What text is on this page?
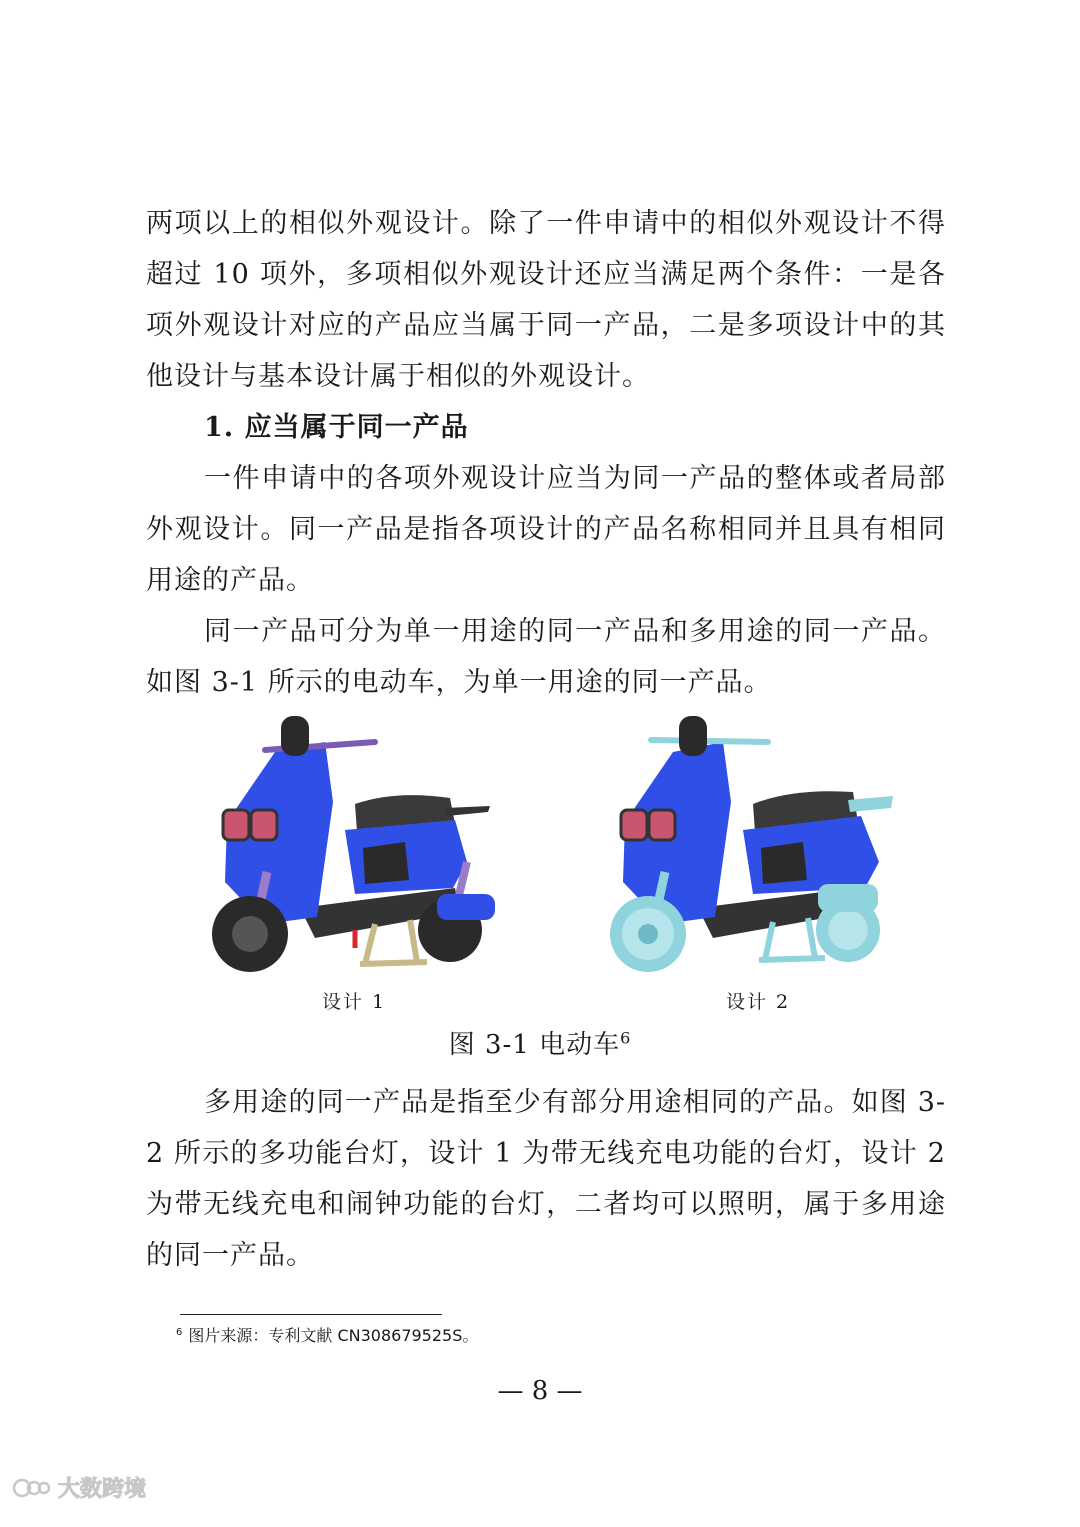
两项以上的相似外观设计。除了一件申请中的相似外观设计不得超过 10 项外，多项相似外观设计还应当满足两个条件：一是各项外观设计对应的产品应当属于同一产品，二是多项设计中的其他设计与基本设计属于相似的外观设计。

1. 应当属于同一产品

一件申请中的各项外观设计应当为同一产品的整体或者局部外观设计。同一产品是指各项设计的产品名称相同并且具有相同用途的产品。

同一产品可分为单一用途的同一产品和多用途的同一产品。如图 3-1 所示的电动车，为单一用途的同一产品。

设计 1	设计 2
图 3-1 电动车$^6$

多用途的同一产品是指至少有部分用途相同的产品。如图 3-2 所示的多功能台灯，设计 1 为带无线充电功能的台灯，设计 2 为带无线充电和闹钟功能的台灯，二者均可以照明，属于多用途的同一产品。

$^6$ 图片来源：专利文献 CN308679525S。
— 8 —
大数跨境
